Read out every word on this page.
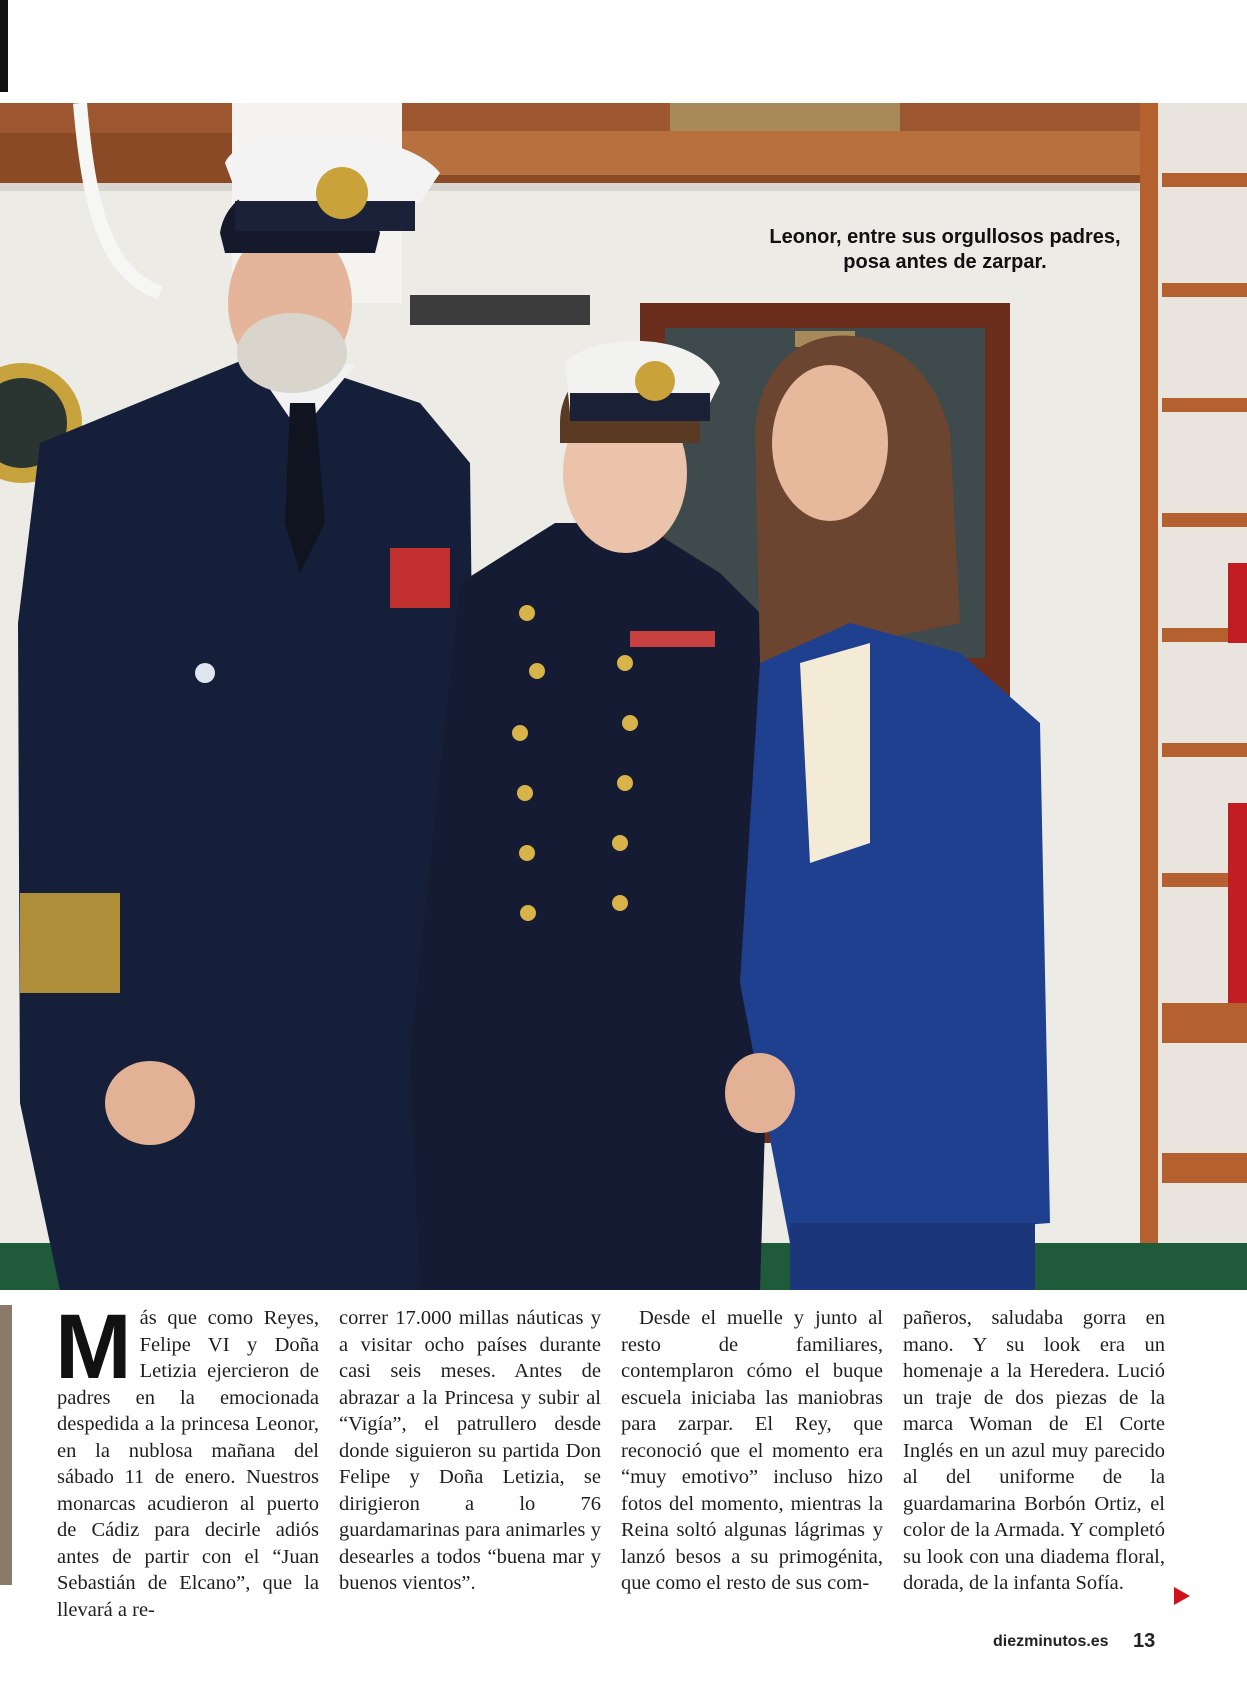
Leonor, entre sus orgullosos padres,
posa antes de zarpar.

M ás que como Reyes, Felipe VI y Doña Letizia ejercieron de padres en la emocionada despedida a la princesa Leonor, en la nublosa mañana del sábado 11 de enero. Nuestros monarcas acudieron al puerto de Cádiz para decirle adiós antes de partir con el “Juan Sebastián de Elcano”, que la llevará a re-

correr 17.000 millas náuticas y a visitar ocho países durante casi seis meses. Antes de abrazar a la Princesa y subir al “Vigía”, el patrullero desde donde siguieron su partida Don Felipe y Doña Letizia, se dirigieron a lo 76 guardamarinas para animarles y desearles a todos “buena mar y buenos vientos”.

Desde el muelle y junto al resto de familiares, contemplaron cómo el buque escuela iniciaba las maniobras para zarpar. El Rey, que reconoció que el momento era “muy emotivo” incluso hizo fotos del momento, mientras la Reina soltó algunas lágrimas y lanzó besos a su primogénita, que como el resto de sus com-

pañeros, saludaba gorra en mano. Y su look era un homenaje a la Heredera. Lució un traje de dos piezas de la marca Woman de El Corte Inglés en un azul muy parecido al del uniforme de la guardamarina Borbón Ortiz, el color de la Armada. Y completó su look con una diadema floral, dorada, de la infanta Sofía.

diezminutos.es 13
